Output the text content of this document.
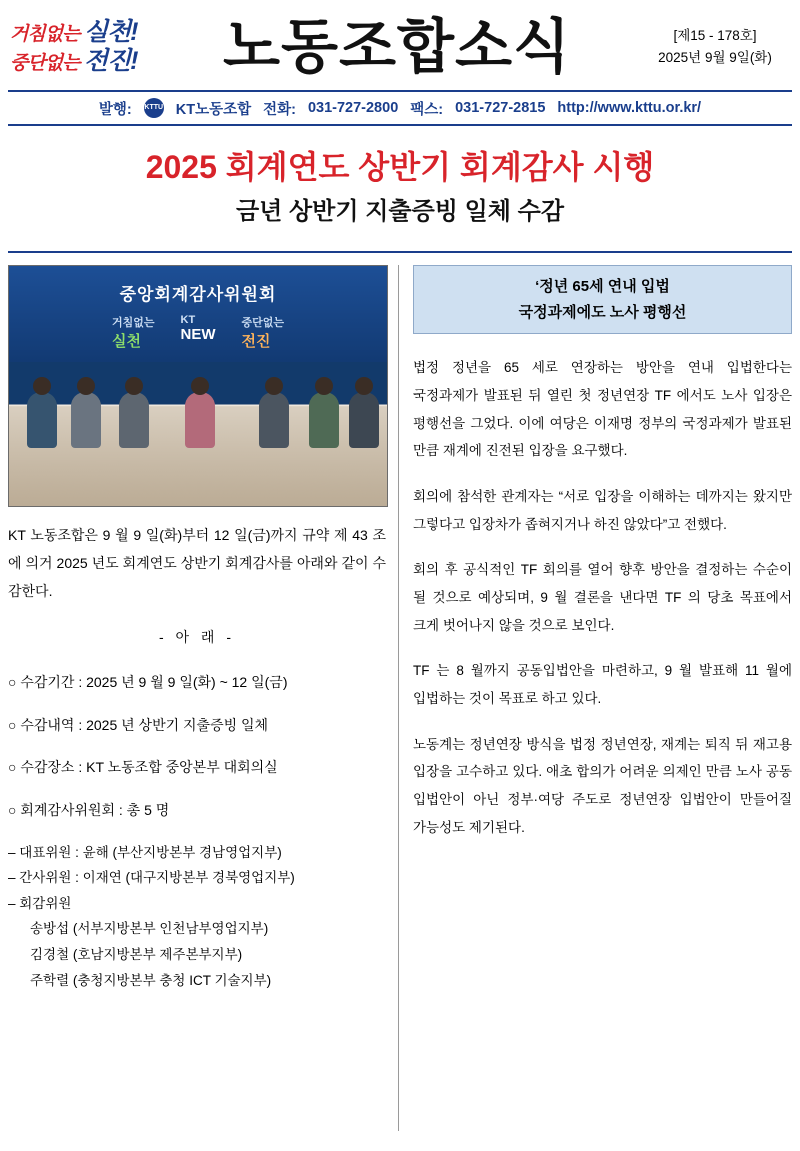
거침없는 실천!
중단없는 전진!	노동조합소식	[제15 - 178호]
2025년 9월 9일(화)
발행: KTTU KT노동조합 전화: 031-727-2800 팩스: 031-727-2815 http://www.kttu.or.kr/
2025 회계연도 상반기 회계감사 시행
금년 상반기 지출증빙 일체 수감
중앙회계감사위원회
거침없는
실천
KT
NEW
중단없는
전진
KT 노동조합은 9 월 9 일(화)부터 12 일(금)까지 규약 제 43 조에 의거 2025 년도 회계연도 상반기 회계감사를 아래와 같이 수감한다.
- 아 래 -
○ 수감기간 : 2025 년 9 월 9 일(화) ~ 12 일(금)
○ 수감내역 : 2025 년 상반기 지출증빙 일체
○ 수감장소 : KT 노동조합 중앙본부 대회의실
○ 회계감사위원회 : 총 5 명
– 대표위원 : 윤해 (부산지방본부 경남영업지부)
– 간사위원 : 이재연 (대구지방본부 경북영업지부)
– 회감위원
송방섭 (서부지방본부 인천남부영업지부)
김경철 (호남지방본부 제주본부지부)
주학렬 (충청지방본부 충청 ICT 기술지부)
‘정년 65세 연내 입법
국정과제에도 노사 평행선
법정 정년을 65 세로 연장하는 방안을 연내 입법한다는 국정과제가 발표된 뒤 열린 첫 정년연장 TF 에서도 노사 입장은 평행선을 그었다. 이에 여당은 이재명 정부의 국정과제가 발표된 만큼 재계에 진전된 입장을 요구했다.
회의에 참석한 관계자는 “서로 입장을 이해하는 데까지는 왔지만 그렇다고 입장차가 좁혀지거나 하진 않았다”고 전했다.
회의 후 공식적인 TF 회의를 열어 향후 방안을 결정하는 수순이 될 것으로 예상되며, 9 월 결론을 낸다면 TF 의 당초 목표에서 크게 벗어나지 않을 것으로 보인다.
TF 는 8 월까지 공동입법안을 마련하고, 9 월 발표해 11 월에 입법하는 것이 목표로 하고 있다.
노동계는 정년연장 방식을 법정 정년연장, 재계는 퇴직 뒤 재고용 입장을 고수하고 있다. 애초 합의가 어려운 의제인 만큼 노사 공동 입법안이 아닌 정부·여당 주도로 정년연장 입법안이 만들어질 가능성도 제기된다.
